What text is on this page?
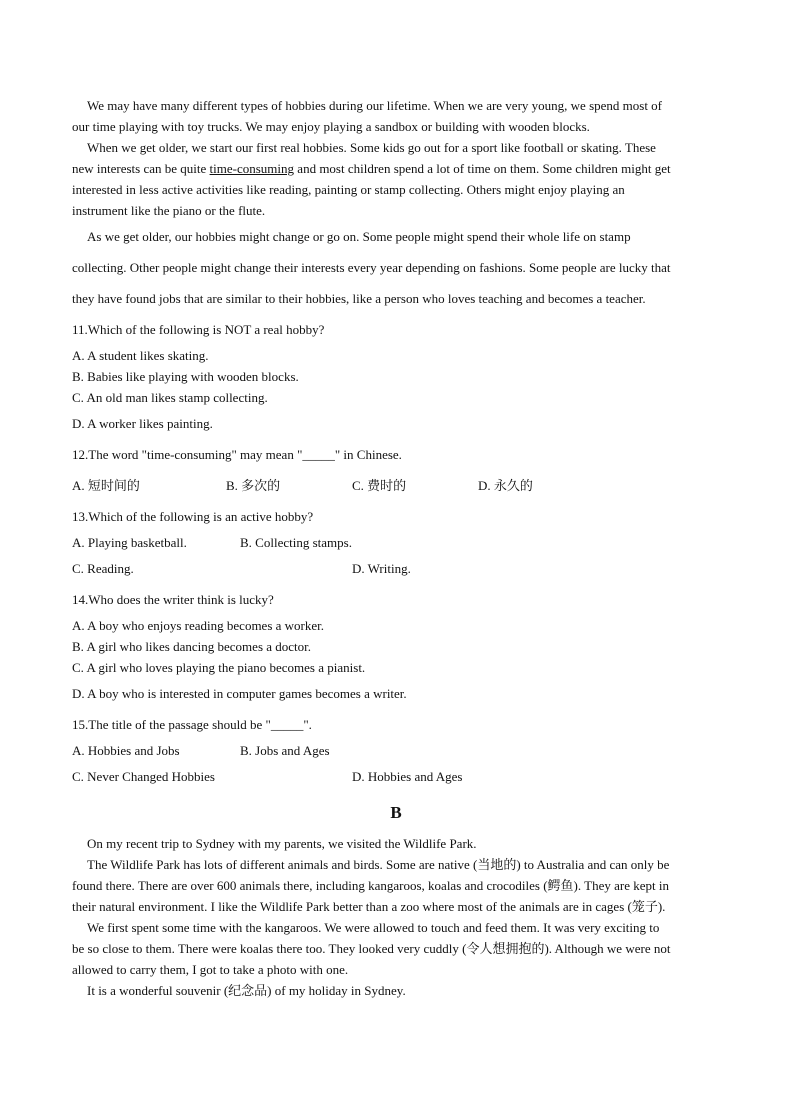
We may have many different types of hobbies during our lifetime. When we are very young, we spend most of
our time playing with toy trucks. We may enjoy playing a sandbox or building with wooden blocks.
When we get older, we start our first real hobbies. Some kids go out for a sport like football or skating. These
new interests can be quite time-consuming and most children spend a lot of time on them. Some children might get
interested in less active activities like reading, painting or stamp collecting. Others might enjoy playing an
instrument like the piano or the flute.
As we get older, our hobbies might change or go on. Some people might spend their whole life on stamp
collecting. Other people might change their interests every year depending on fashions. Some people are lucky that
they have found jobs that are similar to their hobbies, like a person who loves teaching and becomes a teacher.
11.Which of the following is NOT a real hobby?
A. A student likes skating.
B. Babies like playing with wooden blocks.
C. An old man likes stamp collecting.
D. A worker likes painting.
12.The word "time-consuming" may mean "_____" in Chinese.
A. 短时间的	B. 多次的	C. 费时的	D. 永久的
13.Which of the following is an active hobby?
A. Playing basketball.	B. Collecting stamps.
C. Reading.	D. Writing.
14.Who does the writer think is lucky?
A. A boy who enjoys reading becomes a worker.
B. A girl who likes dancing becomes a doctor.
C. A girl who loves playing the piano becomes a pianist.
D. A boy who is interested in computer games becomes a writer.
15.The title of the passage should be "_____".
A. Hobbies and Jobs	B. Jobs and Ages
C. Never Changed Hobbies	D. Hobbies and Ages
B
On my recent trip to Sydney with my parents, we visited the Wildlife Park.
The Wildlife Park has lots of different animals and birds. Some are native (当地的) to Australia and can only be
found there. There are over 600 animals there, including kangaroos, koalas and crocodiles (鳄鱼). They are kept in
their natural environment. I like the Wildlife Park better than a zoo where most of the animals are in cages (笼子).
We first spent some time with the kangaroos. We were allowed to touch and feed them. It was very exciting to
be so close to them. There were koalas there too. They looked very cuddly (令人想拥抱的). Although we were not
allowed to carry them, I got to take a photo with one.
It is a wonderful souvenir (纪念品) of my holiday in Sydney.
